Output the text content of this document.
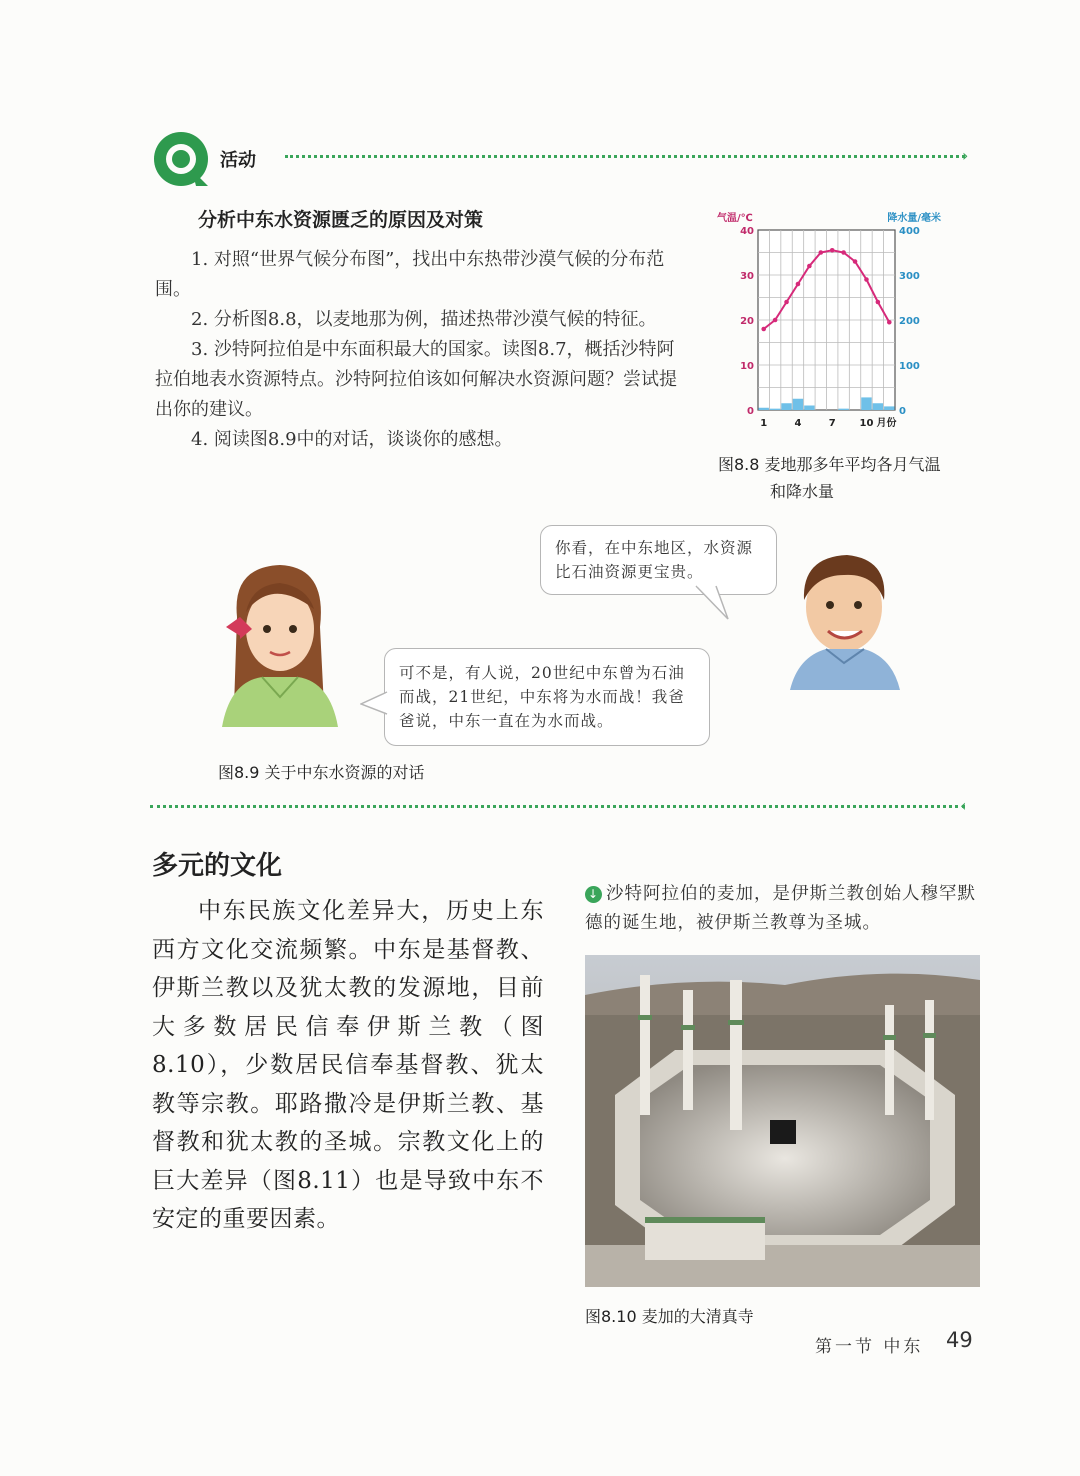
活动	›
分析中东水资源匮乏的原因及对策

1. 对照“世界气候分布图”，找出中东热带沙漠气候的分布范围。

2. 分析图8.8，以麦地那为例，描述热带沙漠气候的特征。

3. 沙特阿拉伯是中东面积最大的国家。读图8.7，概括沙特阿拉伯地表水资源特点。沙特阿拉伯该如何解决水资源问题？尝试提出你的建议。

4. 阅读图8.9中的对话，谈谈你的感想。

0
10
20
30
40
0
100
200
300
400
气温/℃	降水量/毫米
1	4	7 10 月份
图8.8 麦地那多年平均各月气温
和降水量
你看，在中东地区，水资源比石油资源更宝贵。
可不是，有人说，20世纪中东曾为石油而战，21世纪，中东将为水而战！我爸爸说，中东一直在为水而战。
图8.9 关于中东水资源的对话
‹
多元的文化
中东民族文化差异大，历史上东西方文化交流频繁。中东是基督教、伊斯兰教以及犹太教的发源地，目前大多数居民信奉伊斯兰教（图8.10），少数居民信奉基督教、犹太教等宗教。耶路撒冷是伊斯兰教、基督教和犹太教的圣城。宗教文化上的巨大差异（图8.11）也是导致中东不安定的重要因素。
↓ 沙特阿拉伯的麦加，是伊斯兰教创始人穆罕默德的诞生地，被伊斯兰教尊为圣城。
图8.10 麦加的大清真寺
第一节 中东 49
